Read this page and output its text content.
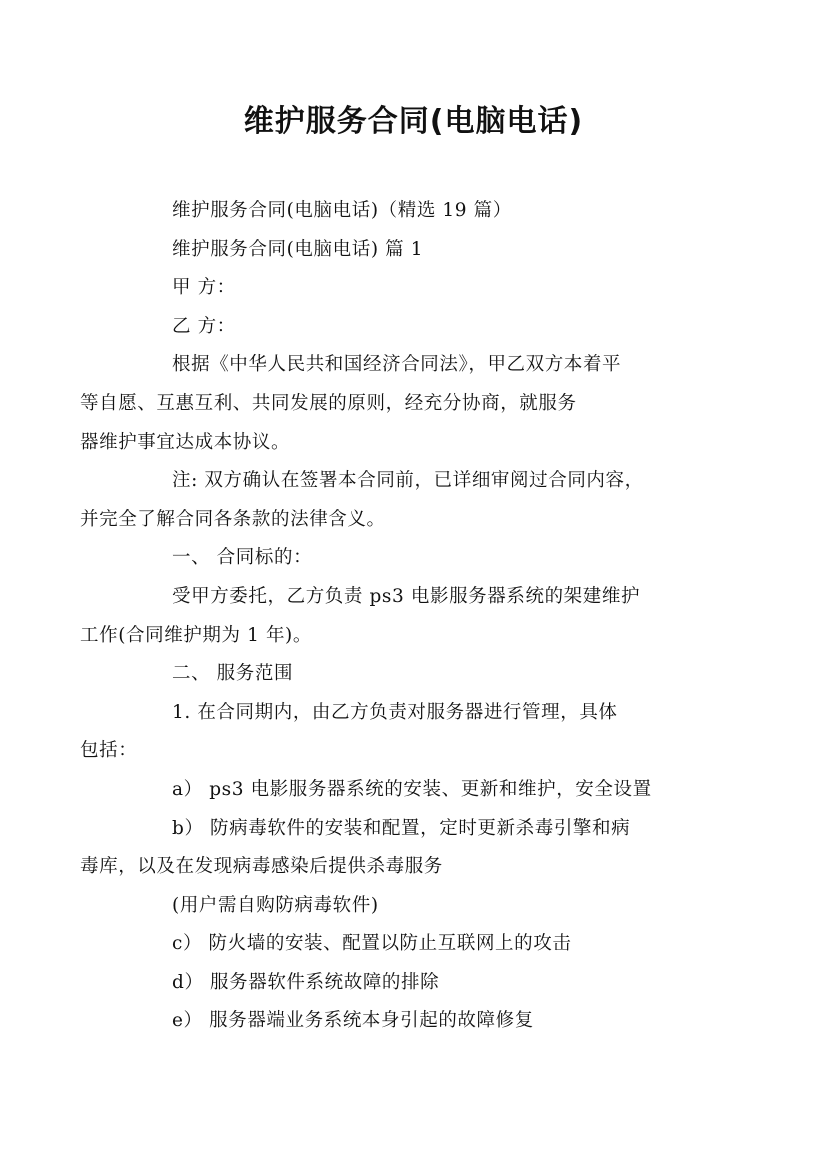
维护服务合同(电脑电话)

维护服务合同(电脑电话)（精选 19 篇）

维护服务合同(电脑电话) 篇 1

甲 方：

乙 方：

根据《中华人民共和国经济合同法》，甲乙双方本着平
等自愿、互惠互利、共同发展的原则，经充分协商，就服务
器维护事宜达成本协议。

注: 双方确认在签署本合同前，已详细审阅过合同内容，
并完全了解合同各条款的法律含义。

一、 合同标的：

受甲方委托，乙方负责 ps3 电影服务器系统的架建维护
工作(合同维护期为 1 年)。

二、 服务范围

1. 在合同期内，由乙方负责对服务器进行管理，具体
包括：

a） ps3 电影服务器系统的安装、更新和维护，安全设置

b） 防病毒软件的安装和配置，定时更新杀毒引擎和病
毒库，以及在发现病毒感染后提供杀毒服务

(用户需自购防病毒软件)

c） 防火墙的安装、配置以防止互联网上的攻击

d） 服务器软件系统故障的排除

e） 服务器端业务系统本身引起的故障修复
